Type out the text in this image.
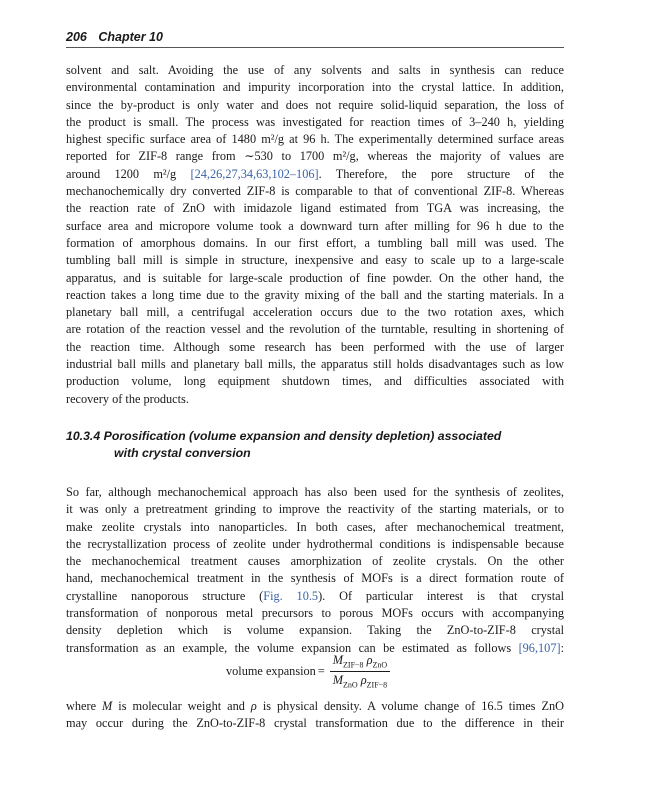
206 Chapter 10
solvent and salt. Avoiding the use of any solvents and salts in synthesis can reduce
environmental contamination and impurity incorporation into the crystal lattice. In addition,
since the by-product is only water and does not require solid-liquid separation, the loss of
the product is small. The process was investigated for reaction times of 3–240 h, yielding
highest specific surface area of 1480 m²/g at 96 h. The experimentally determined surface areas
reported for ZIF-8 range from ∼530 to 1700 m²/g, whereas the majority of values are
around 1200 m²/g [24,26,27,34,63,102–106]. Therefore, the pore structure of the
mechanochemically dry converted ZIF-8 is comparable to that of conventional ZIF-8. Whereas
the reaction rate of ZnO with imidazole ligand estimated from TGA was increasing, the
surface area and micropore volume took a downward turn after milling for 96 h due to the
formation of amorphous domains. In our first effort, a tumbling ball mill was used. The
tumbling ball mill is simple in structure, inexpensive and easy to scale up to a large-scale
apparatus, and is suitable for large-scale production of fine powder. On the other hand, the
reaction takes a long time due to the gravity mixing of the ball and the starting materials. In a
planetary ball mill, a centrifugal acceleration occurs due to the two rotation axes, which
are rotation of the reaction vessel and the revolution of the turntable, resulting in shortening of
the reaction time. Although some research has been performed with the use of larger
industrial ball mills and planetary ball mills, the apparatus still holds disadvantages such as low
production volume, long equipment shutdown times, and difficulties associated with
recovery of the products.
10.3.4 Porosification (volume expansion and density depletion) associated
with crystal conversion
So far, although mechanochemical approach has also been used for the synthesis of zeolites,
it was only a pretreatment grinding to improve the reactivity of the starting materials, or to
make zeolite crystals into nanoparticles. In both cases, after mechanochemical treatment,
the recrystallization process of zeolite under hydrothermal conditions is indispensable because
the mechanochemical treatment causes amorphization of zeolite crystals. On the other
hand, mechanochemical treatment in the synthesis of MOFs is a direct formation route of
crystalline nanoporous structure (Fig. 10.5). Of particular interest is that crystal
transformation of nonporous metal precursors to porous MOFs occurs with accompanying
density depletion which is volume expansion. Taking the ZnO-to-ZIF-8 crystal
transformation as an example, the volume expansion can be estimated as follows [96,107]:
volume expansion = $\frac{M_{ZIF-8} \rho_{ZnO}}{M_{ZnO} \rho_{ZIF-8}}$
where M is molecular weight and ρ is physical density. A volume change of 16.5 times ZnO
may occur during the ZnO-to-ZIF-8 crystal transformation due to the difference in their
